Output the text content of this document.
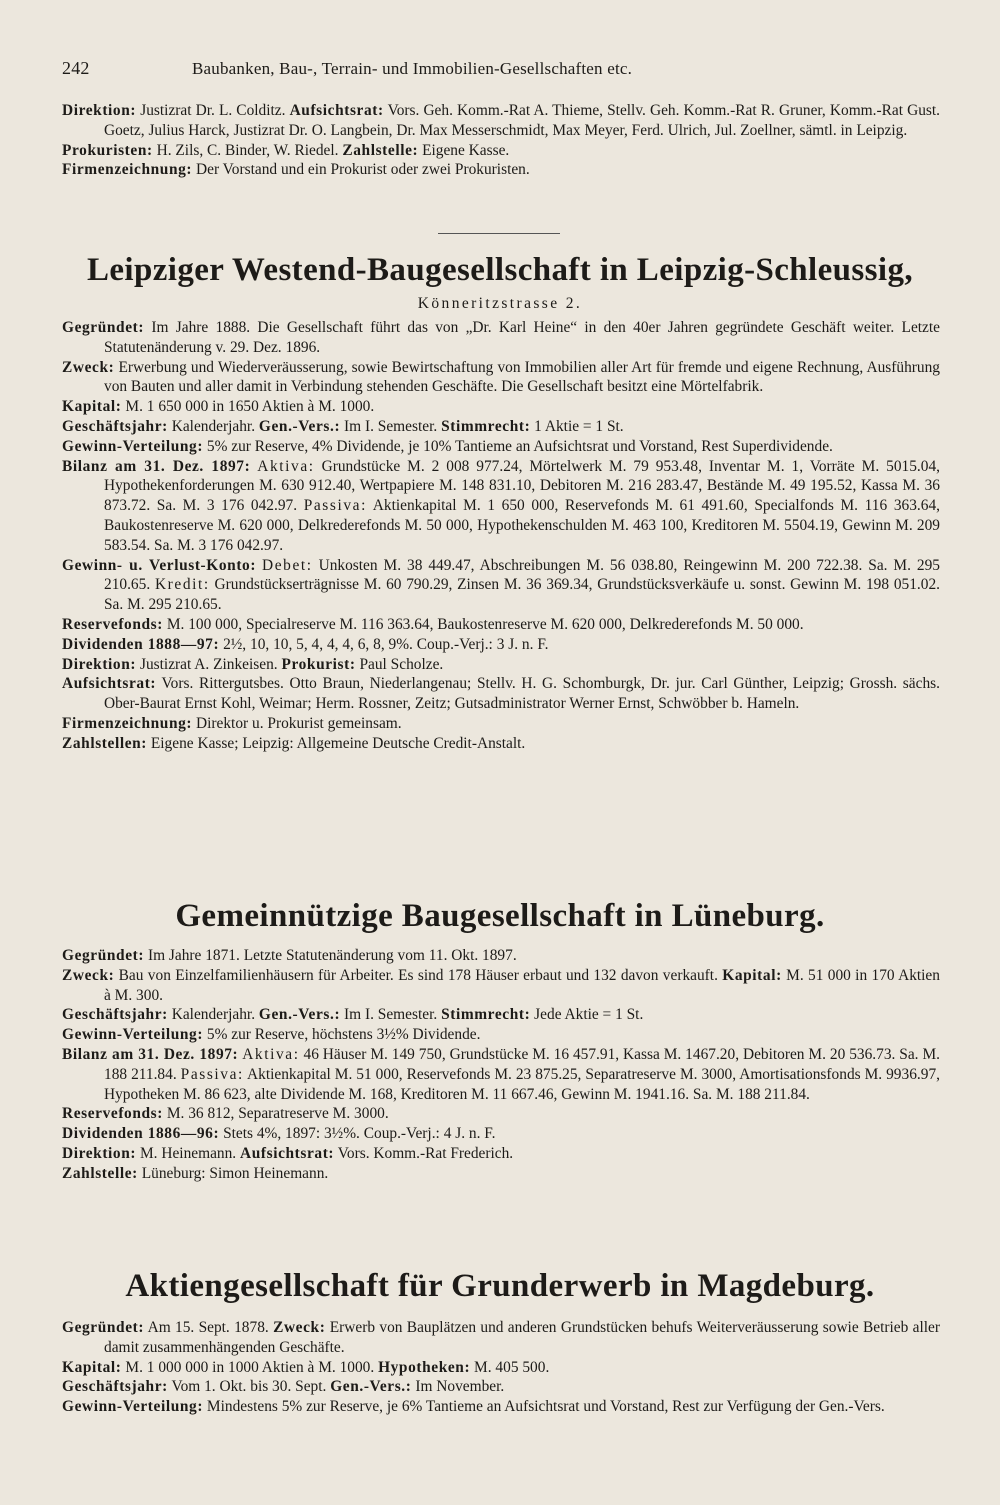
242	Baubanken, Bau-, Terrain- und Immobilien-Gesellschaften etc.

Direktion: Justizrat Dr. L. Colditz. Aufsichtsrat: Vors. Geh. Komm.-Rat A. Thieme, Stellv. Geh. Komm.-Rat R. Gruner, Komm.-Rat Gust. Goetz, Julius Harck, Justizrat Dr. O. Langbein, Dr. Max Messerschmidt, Max Meyer, Ferd. Ulrich, Jul. Zoellner, sämtl. in Leipzig.

Prokuristen: H. Zils, C. Binder, W. Riedel. Zahlstelle: Eigene Kasse.

Firmenzeichnung: Der Vorstand und ein Prokurist oder zwei Prokuristen.

Leipziger Westend-Baugesellschaft in Leipzig-Schleussig,
Könneritzstrasse 2.

Gegründet: Im Jahre 1888. Die Gesellschaft führt das von „Dr. Karl Heine“ in den 40er Jahren gegründete Geschäft weiter. Letzte Statutenänderung v. 29. Dez. 1896.

Zweck: Erwerbung und Wiederveräusserung, sowie Bewirtschaftung von Immobilien aller Art für fremde und eigene Rechnung, Ausführung von Bauten und aller damit in Verbindung stehenden Geschäfte. Die Gesellschaft besitzt eine Mörtelfabrik.

Kapital: M. 1 650 000 in 1650 Aktien à M. 1000.

Geschäftsjahr: Kalenderjahr. Gen.-Vers.: Im I. Semester. Stimmrecht: 1 Aktie = 1 St.

Gewinn-Verteilung: 5% zur Reserve, 4% Dividende, je 10% Tantieme an Aufsichtsrat und Vorstand, Rest Superdividende.

Bilanz am 31. Dez. 1897: Aktiva: Grundstücke M. 2 008 977.24, Mörtelwerk M. 79 953.48, Inventar M. 1, Vorräte M. 5015.04, Hypothekenforderungen M. 630 912.40, Wertpapiere M. 148 831.10, Debitoren M. 216 283.47, Bestände M. 49 195.52, Kassa M. 36 873.72. Sa. M. 3 176 042.97. Passiva: Aktienkapital M. 1 650 000, Reservefonds M. 61 491.60, Specialfonds M. 116 363.64, Baukostenreserve M. 620 000, Delkrederefonds M. 50 000, Hypothekenschulden M. 463 100, Kreditoren M. 5504.19, Gewinn M. 209 583.54. Sa. M. 3 176 042.97.

Gewinn- u. Verlust-Konto: Debet: Unkosten M. 38 449.47, Abschreibungen M. 56 038.80, Reingewinn M. 200 722.38. Sa. M. 295 210.65. Kredit: Grundstückserträgnisse M. 60 790.29, Zinsen M. 36 369.34, Grundstücksverkäufe u. sonst. Gewinn M. 198 051.02. Sa. M. 295 210.65.

Reservefonds: M. 100 000, Specialreserve M. 116 363.64, Baukostenreserve M. 620 000, Delkrederefonds M. 50 000.

Dividenden 1888—97: 2½, 10, 10, 5, 4, 4, 4, 6, 8, 9%. Coup.-Verj.: 3 J. n. F.

Direktion: Justizrat A. Zinkeisen. Prokurist: Paul Scholze.

Aufsichtsrat: Vors. Rittergutsbes. Otto Braun, Niederlangenau; Stellv. H. G. Schomburgk, Dr. jur. Carl Günther, Leipzig; Grossh. sächs. Ober-Baurat Ernst Kohl, Weimar; Herm. Rossner, Zeitz; Gutsadministrator Werner Ernst, Schwöbber b. Hameln.

Firmenzeichnung: Direktor u. Prokurist gemeinsam.

Zahlstellen: Eigene Kasse; Leipzig: Allgemeine Deutsche Credit-Anstalt.

Gemeinnützige Baugesellschaft in Lüneburg.

Gegründet: Im Jahre 1871. Letzte Statutenänderung vom 11. Okt. 1897.

Zweck: Bau von Einzelfamilienhäusern für Arbeiter. Es sind 178 Häuser erbaut und 132 davon verkauft. Kapital: M. 51 000 in 170 Aktien à M. 300.

Geschäftsjahr: Kalenderjahr. Gen.-Vers.: Im I. Semester. Stimmrecht: Jede Aktie = 1 St.

Gewinn-Verteilung: 5% zur Reserve, höchstens 3½% Dividende.

Bilanz am 31. Dez. 1897: Aktiva: 46 Häuser M. 149 750, Grundstücke M. 16 457.91, Kassa M. 1467.20, Debitoren M. 20 536.73. Sa. M. 188 211.84. Passiva: Aktienkapital M. 51 000, Reservefonds M. 23 875.25, Separatreserve M. 3000, Amortisationsfonds M. 9936.97, Hypotheken M. 86 623, alte Dividende M. 168, Kreditoren M. 11 667.46, Gewinn M. 1941.16. Sa. M. 188 211.84.

Reservefonds: M. 36 812, Separatreserve M. 3000.

Dividenden 1886—96: Stets 4%, 1897: 3½%. Coup.-Verj.: 4 J. n. F.

Direktion: M. Heinemann. Aufsichtsrat: Vors. Komm.-Rat Frederich.

Zahlstelle: Lüneburg: Simon Heinemann.

Aktiengesellschaft für Grunderwerb in Magdeburg.

Gegründet: Am 15. Sept. 1878. Zweck: Erwerb von Bauplätzen und anderen Grundstücken behufs Weiterveräusserung sowie Betrieb aller damit zusammenhängenden Geschäfte.

Kapital: M. 1 000 000 in 1000 Aktien à M. 1000. Hypotheken: M. 405 500.

Geschäftsjahr: Vom 1. Okt. bis 30. Sept. Gen.-Vers.: Im November.

Gewinn-Verteilung: Mindestens 5% zur Reserve, je 6% Tantieme an Aufsichtsrat und Vorstand, Rest zur Verfügung der Gen.-Vers.
